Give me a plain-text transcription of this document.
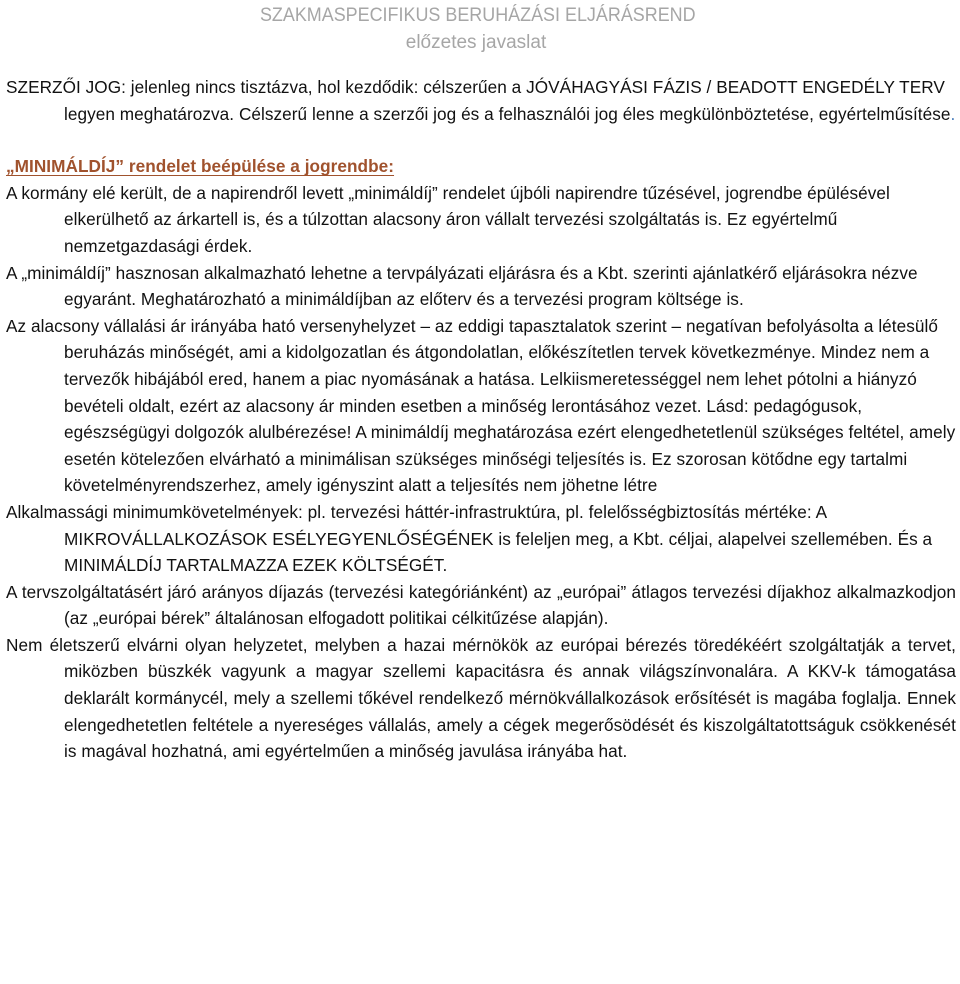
SZAKMASPECIFIKUS BERUHÁZÁSI ELJÁRÁSREND
előzetes javaslat

SZERZŐI JOG: jelenleg nincs tisztázva, hol kezdődik: célszerűen a JÓVÁHAGYÁSI FÁZIS / BEADOTT ENGEDÉLY TERV legyen meghatározva. Célszerű lenne a szerzői jog és a felhasználói jog éles megkülönböztetése, egyértelműsítése.

„MINIMÁLDÍJ” rendelet beépülése a jogrendbe:

A kormány elé került, de a napirendről levett „minimáldíj” rendelet újbóli napirendre tűzésével, jogrendbe épülésével elkerülhető az árkartell is, és a túlzottan alacsony áron vállalt tervezési szolgáltatás is. Ez egyértelmű nemzetgazdasági érdek.

A „minimáldíj” hasznosan alkalmazható lehetne a tervpályázati eljárásra és a Kbt. szerinti ajánlatkérő eljárásokra nézve egyaránt. Meghatározható a minimáldíjban az előterv és a tervezési program költsége is.

Az alacsony vállalási ár irányába ható versenyhelyzet – az eddigi tapasztalatok szerint – negatívan befolyásolta a létesülő beruházás minőségét, ami a kidolgozatlan és átgondolatlan, előkészítetlen tervek következménye. Mindez nem a tervezők hibájából ered, hanem a piac nyomásának a hatása. Lelkiismeretességgel nem lehet pótolni a hiányzó bevételi oldalt, ezért az alacsony ár minden esetben a minőség lerontásához vezet. Lásd: pedagógusok, egészségügyi dolgozók alulbérezése! A minimáldíj meghatározása ezért elengedhetetlenül szükséges feltétel, amely esetén kötelezően elvárható a minimálisan szükséges minőségi teljesítés is. Ez szorosan kötődne egy tartalmi követelményrendszerhez, amely igényszint alatt a teljesítés nem jöhetne létre

Alkalmassági minimumkövetelmények: pl. tervezési háttér-infrastruktúra, pl. felelősségbiztosítás mértéke: A MIKROVÁLLALKOZÁSOK ESÉLYEGYENLŐSÉGÉNEK is feleljen meg, a Kbt. céljai, alapelvei szellemében. És a MINIMÁLDÍJ TARTALMAZZA EZEK KÖLTSÉGÉT.

A tervszolgáltatásért járó arányos díjazás (tervezési kategóriánként) az „európai” átlagos tervezési díjakhoz alkalmazkodjon (az „európai bérek” általánosan elfogadott politikai célkitűzése alapján).

Nem életszerű elvárni olyan helyzetet, melyben a hazai mérnökök az európai bérezés töredékéért szolgáltatják a tervet, miközben büszkék vagyunk a magyar szellemi kapacitásra és annak világszínvonalára. A KKV-k támogatása deklarált kormánycél, mely a szellemi tőkével rendelkező mérnökvállalkozások erősítését is magába foglalja. Ennek elengedhetetlen feltétele a nyereséges vállalás, amely a cégek megerősödését és kiszolgáltatottságuk csökkenését is magával hozhatná, ami egyértelműen a minőség javulása irányába hat.
